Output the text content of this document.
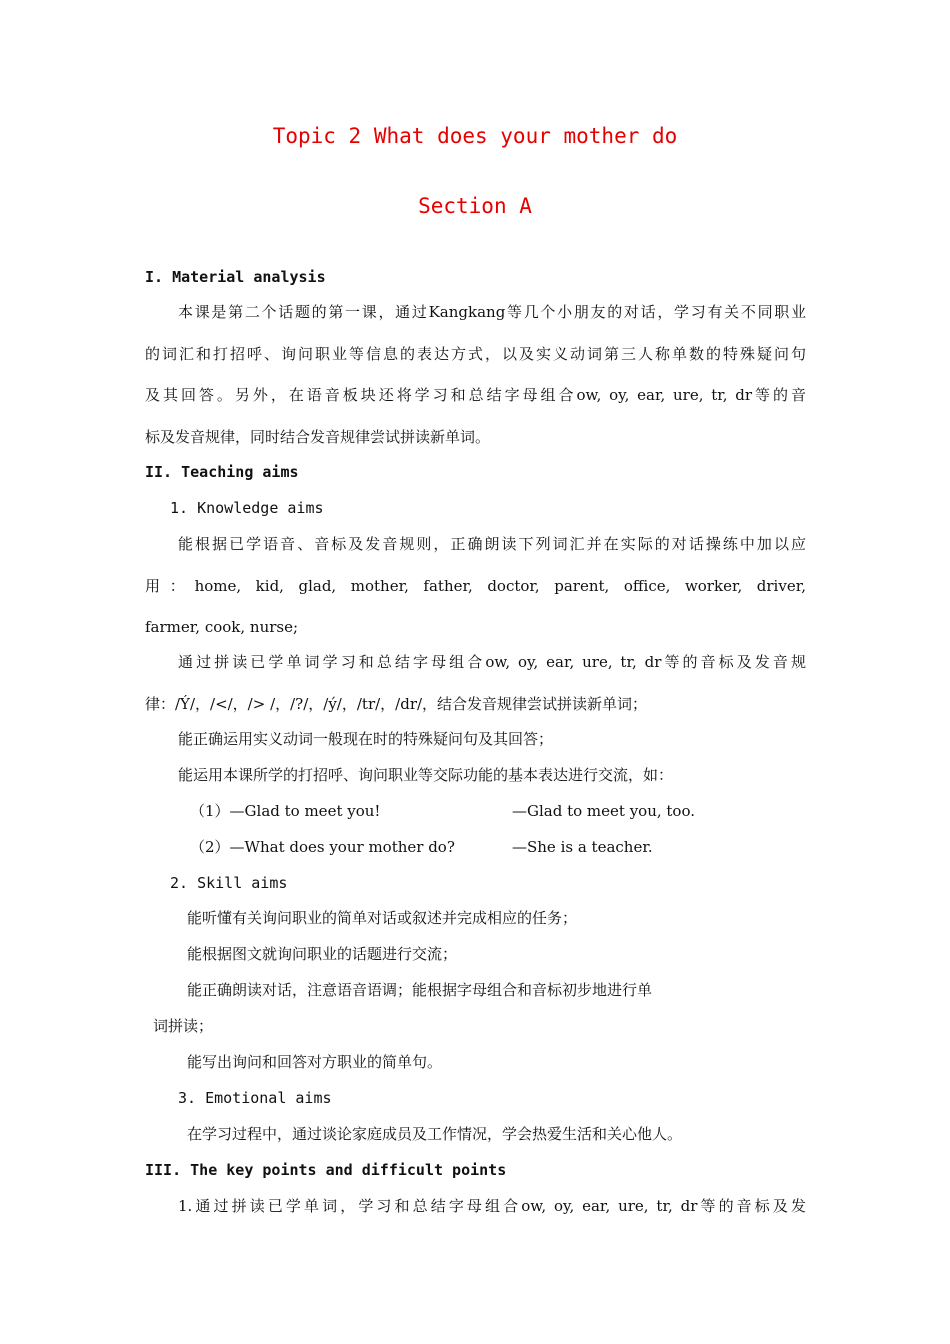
Topic 2 What does your mother do
Section A
I. Material analysis
本课是第二个话题的第一课，通过Kangkang等几个小朋友的对话，学习有关不同职业
的词汇和打招呼、询问职业等信息的表达方式，以及实义动词第三人称单数的特殊疑问句
及其回答。另外，在语音板块还将学习和总结字母组合ow, oy, ear, ure, tr, dr等的音
标及发音规律，同时结合发音规律尝试拼读新单词。
II. Teaching aims
1. Knowledge aims
能根据已学语音、音标及发音规则，正确朗读下列词汇并在实际的对话操练中加以应
用：home, kid, glad, mother, father, doctor, parent, office, worker, driver,
farmer, cook, nurse;
通过拼读已学单词学习和总结字母组合ow, oy, ear, ure, tr, dr等的音标及发音规
律：/Ý/，/</，/> /，/?/，/ý/，/tr/，/dr/，结合发音规律尝试拼读新单词；
能正确运用实义动词一般现在时的特殊疑问句及其回答；
能运用本课所学的打招呼、询问职业等交际功能的基本表达进行交流，如：
（1）—Glad to meet you!	—Glad to meet you, too.
（2）—What does your mother do?	—She is a teacher.
2. Skill aims
能听懂有关询问职业的简单对话或叙述并完成相应的任务；
能根据图文就询问职业的话题进行交流；
能正确朗读对话，注意语音语调；能根据字母组合和音标初步地进行单
词拼读；
能写出询问和回答对方职业的简单句。
3. Emotional aims
在学习过程中，通过谈论家庭成员及工作情况，学会热爱生活和关心他人。
III. The key points and difficult points
1.通过拼读已学单词，学习和总结字母组合ow, oy, ear, ure, tr, dr等的音标及发
